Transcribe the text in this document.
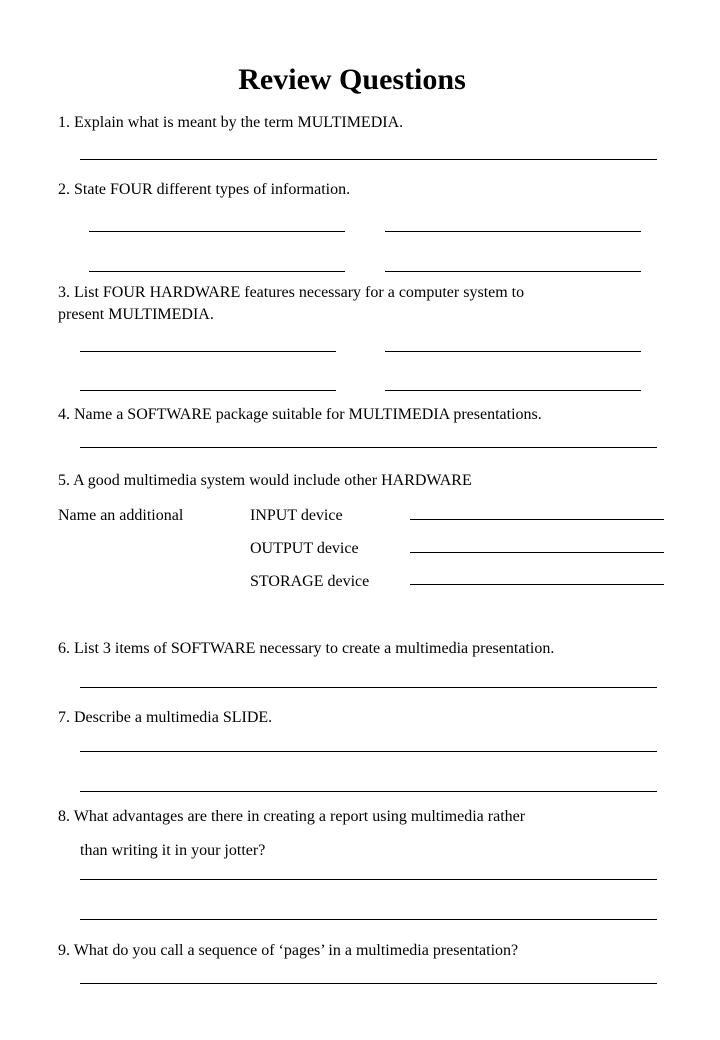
Review Questions
1. Explain what is meant by the term MULTIMEDIA.
2. State FOUR different types of information.
3. List FOUR HARDWARE features necessary for a computer system to
present MULTIMEDIA.
4. Name a SOFTWARE package suitable for MULTIMEDIA presentations.
5. A good multimedia system would include other HARDWARE
Name an additional	INPUT device
OUTPUT device
STORAGE device
6. List 3 items of SOFTWARE necessary to create a multimedia presentation.
7. Describe a multimedia SLIDE.
8. What advantages are there in creating a report using multimedia rather
than writing it in your jotter?
9. What do you call a sequence of ‘pages’ in a multimedia presentation?
